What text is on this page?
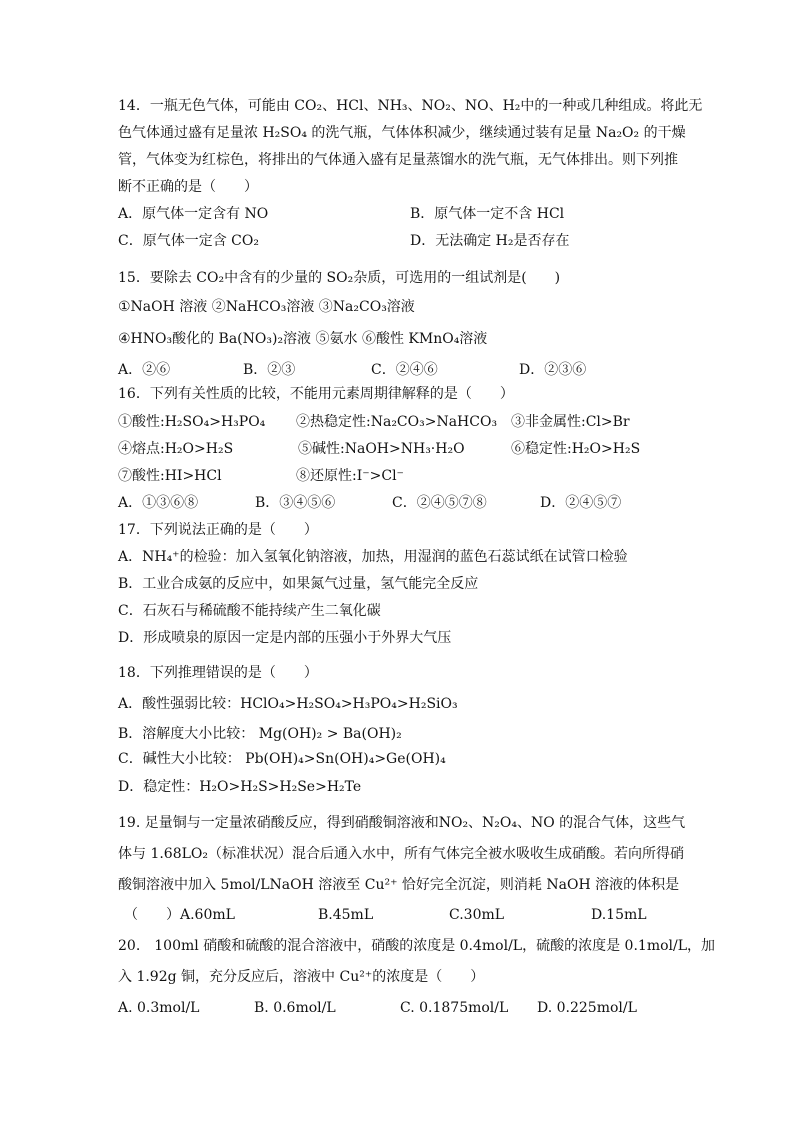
14．一瓶无色气体，可能由 CO₂、HCl、NH₃、NO₂、NO、H₂中的一种或几种组成。将此无
色气体通过盛有足量浓 H₂SO₄ 的洗气瓶，气体体积减少，继续通过装有足量 Na₂O₂ 的干燥
管，气体变为红棕色，将排出的气体通入盛有足量蒸馏水的洗气瓶，无气体排出。则下列推
断不正确的是（　　）
A．原气体一定含有 NO	B．原气体一定不含 HCl
C．原气体一定含 CO₂	D．无法确定 H₂是否存在
15．要除去 CO₂中含有的少量的 SO₂杂质，可选用的一组试剂是(　　)
①NaOH 溶液 ②NaHCO₃溶液 ③Na₂CO₃溶液
④HNO₃酸化的 Ba(NO₃)₂溶液 ⑤氨水 ⑥酸性 KMnO₄溶液
A．②⑥	B．②③	C．②④⑥	D．②③⑥
16．下列有关性质的比较，不能用元素周期律解释的是（　　）
①酸性:H₂SO₄>H₃PO₄ ②热稳定性:Na₂CO₃>NaHCO₃ ③非金属性:Cl>Br
④熔点:H₂O>H₂S	⑤碱性:NaOH>NH₃·H₂O	⑥稳定性:H₂O>H₂S
⑦酸性:HI>HCl	⑧还原性:I⁻>Cl⁻
A．①③⑥⑧	B．③④⑤⑥	C．②④⑤⑦⑧	D．②④⑤⑦
17．下列说法正确的是（　　）
A．NH₄⁺的检验：加入氢氧化钠溶液，加热，用湿润的蓝色石蕊试纸在试管口检验
B．工业合成氨的反应中，如果氮气过量，氢气能完全反应
C．石灰石与稀硫酸不能持续产生二氧化碳
D．形成喷泉的原因一定是内部的压强小于外界大气压
18．下列推理错误的是（　　）
A．酸性强弱比较：HClO₄>H₂SO₄>H₃PO₄>H₂SiO₃
B．溶解度大小比较： Mg(OH)₂ > Ba(OH)₂
C．碱性大小比较： Pb(OH)₄>Sn(OH)₄>Ge(OH)₄
D．稳定性：H₂O>H₂S>H₂Se>H₂Te
19. 足量铜与一定量浓硝酸反应，得到硝酸铜溶液和NO₂、N₂O₄、NO 的混合气体，这些气
体与 1.68LO₂（标准状况）混合后通入水中，所有气体完全被水吸收生成硝酸。若向所得硝
酸铜溶液中加入 5mol/LNaOH 溶液至 Cu²⁺ 恰好完全沉淀，则消耗 NaOH 溶液的体积是
（　　）A.60mL	B.45mL	C.30mL	D.15mL
20.　100ml 硝酸和硫酸的混合溶液中，硝酸的浓度是 0.4mol/L，硫酸的浓度是 0.1mol/L，加
入 1.92g 铜，充分反应后，溶液中 Cu²⁺的浓度是（　　）
A. 0.3mol/L	B. 0.6mol/L	C. 0.1875mol/L D. 0.225mol/L
